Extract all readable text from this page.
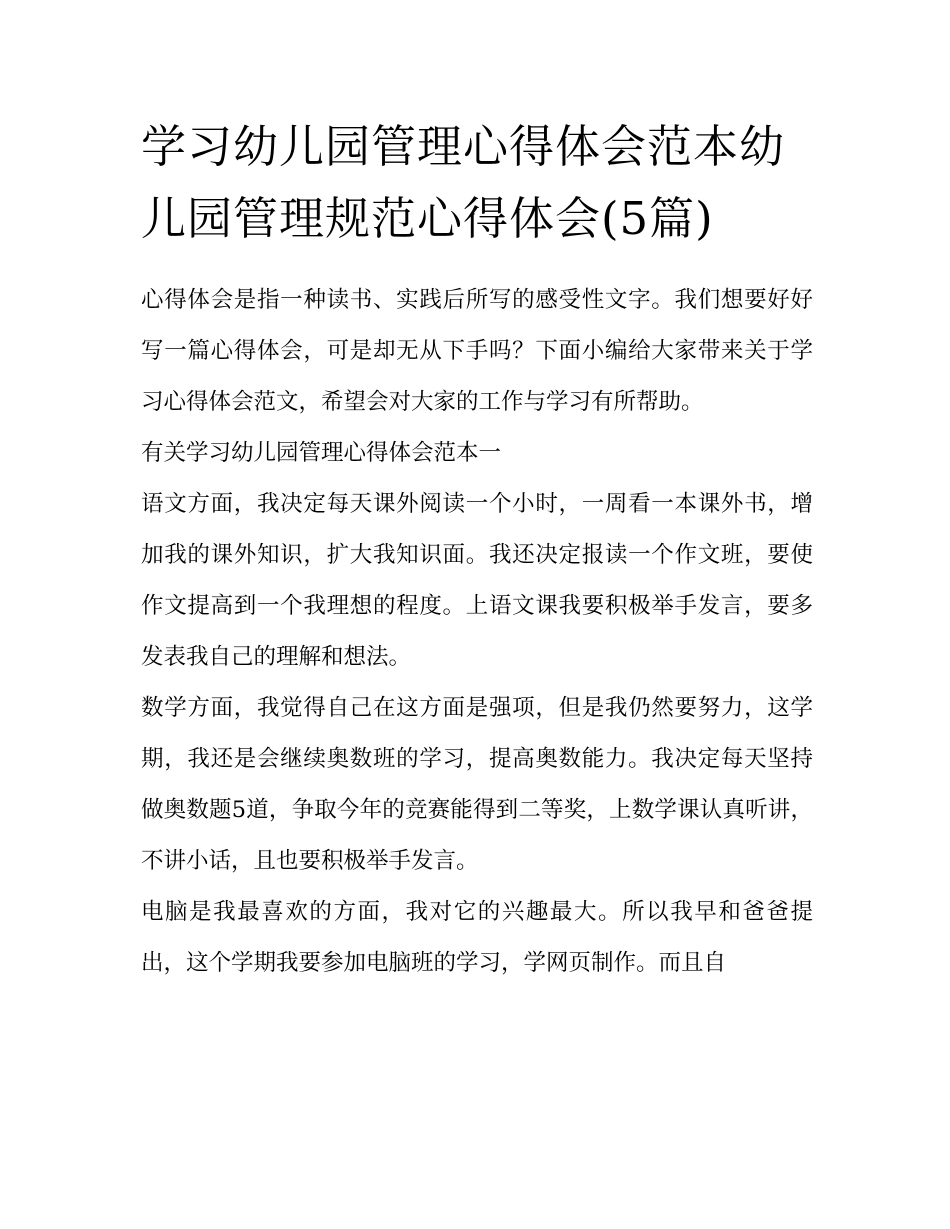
学习幼儿园管理心得体会范本幼儿园管理规范心得体会(5篇)

心得体会是指一种读书、实践后所写的感受性文字。我们想要好好写一篇心得体会，可是却无从下手吗？下面小编给大家带来关于学习心得体会范文，希望会对大家的工作与学习有所帮助。

有关学习幼儿园管理心得体会范本一

语文方面，我决定每天课外阅读一个小时，一周看一本课外书，增加我的课外知识，扩大我知识面。我还决定报读一个作文班，要使作文提高到一个我理想的程度。上语文课我要积极举手发言，要多发表我自己的理解和想法。

数学方面，我觉得自己在这方面是强项，但是我仍然要努力，这学期，我还是会继续奥数班的学习，提高奥数能力。我决定每天坚持做奥数题5道，争取今年的竞赛能得到二等奖，上数学课认真听讲，不讲小话，且也要积极举手发言。

电脑是我最喜欢的方面，我对它的兴趣最大。所以我早和爸爸提出，这个学期我要参加电脑班的学习，学网页制作。而且自
